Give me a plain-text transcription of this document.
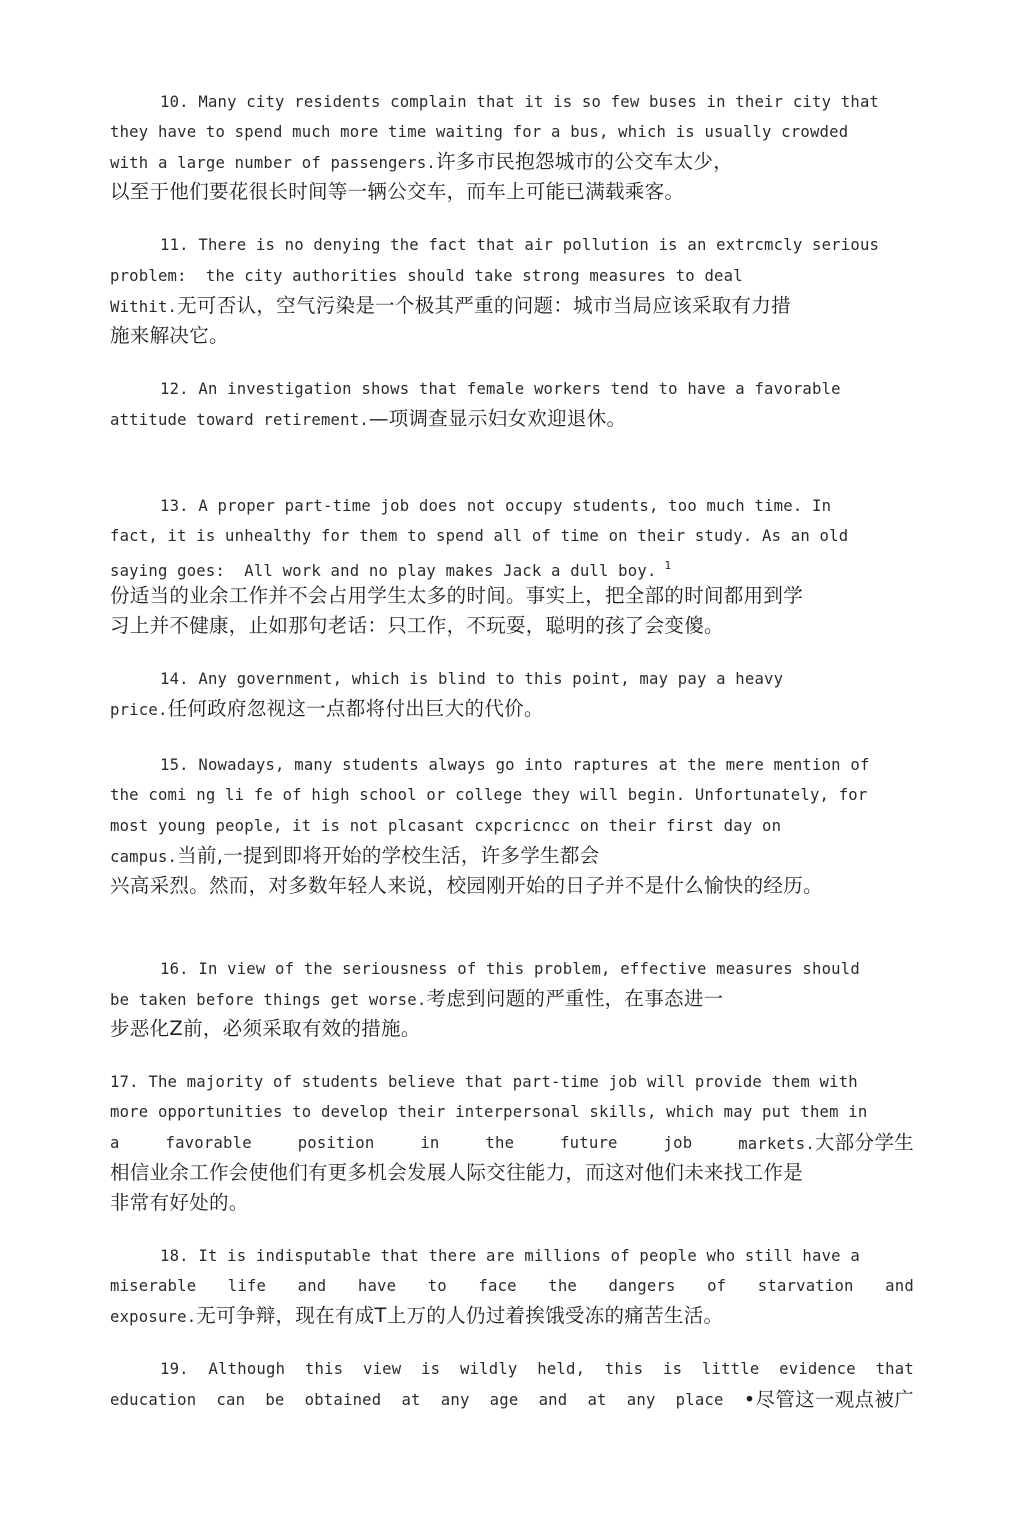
10. Many city residents complain that it is so few buses in their city that
they have to spend much more time waiting for a bus, which is usually crowded
with a large number of passengers.许多市民抱怨城市的公交车太少，
以至于他们要花很长时间等一辆公交车，而车上可能已满载乘客。
11. There is no denying the fact that air pollution is an extrcmcly serious
problem:  the city authorities should take strong measures to deal
Withit.无可否认，空气污染是一个极其严重的问题：城市当局应该采取有力措
施来解决它。
12. An investigation shows that female workers tend to have a favorable
attitude toward retirement.—项调查显示妇女欢迎退休。
13. A proper part-time job does not occupy students, too much time. In
fact, it is unhealthy for them to spend all of time on their study. As an old
saying goes:  All work and no play makes Jack a dull boy. $^1$
份适当的业余工作并不会占用学生太多的时间。事实上，把全部的时间都用到学
习上并不健康，止如那句老话：只工作，不玩耍，聪明的孩了会变傻。
14. Any government, which is blind to this point, may pay a heavy
price.任何政府忽视这一点都将付出巨大的代价。
15. Nowadays, many students always go into raptures at the mere mention of
the comi ng li fe of high school or college they will begin. Unfortunately, for
most young people, it is not plcasant cxpcricncc on their first day on
campus.当前,一提到即将开始的学校生活，许多学生都会
兴高采烈。然而，对多数年轻人来说，校园刚开始的日子并不是什么愉快的经历。
16. In view of the seriousness of this problem, effective measures should
be taken before things get worse.考虑到问题的严重性，在事态进一
步恶化Z前，必须采取有效的措施。
17. The majority of students believe that part-time job will provide them with
more opportunities to develop their interpersonal skills, which may put them in
a	favorable	position	in	the	future	job	markets.大部分学生
相信业余工作会使他们有更多机会发展人际交往能力，而这对他们未来找工作是
非常有好处的。
18. It is indisputable that there are millions of people who still have a
miserable life and have to face the dangers of starvation and
exposure.无可争辩，现在有成T上万的人仍过着挨饿受冻的痛苦生活。
19. Although this view is wildly held, this is little evidence that
education can be obtained at any age and at any place •尽管这一观点被广
